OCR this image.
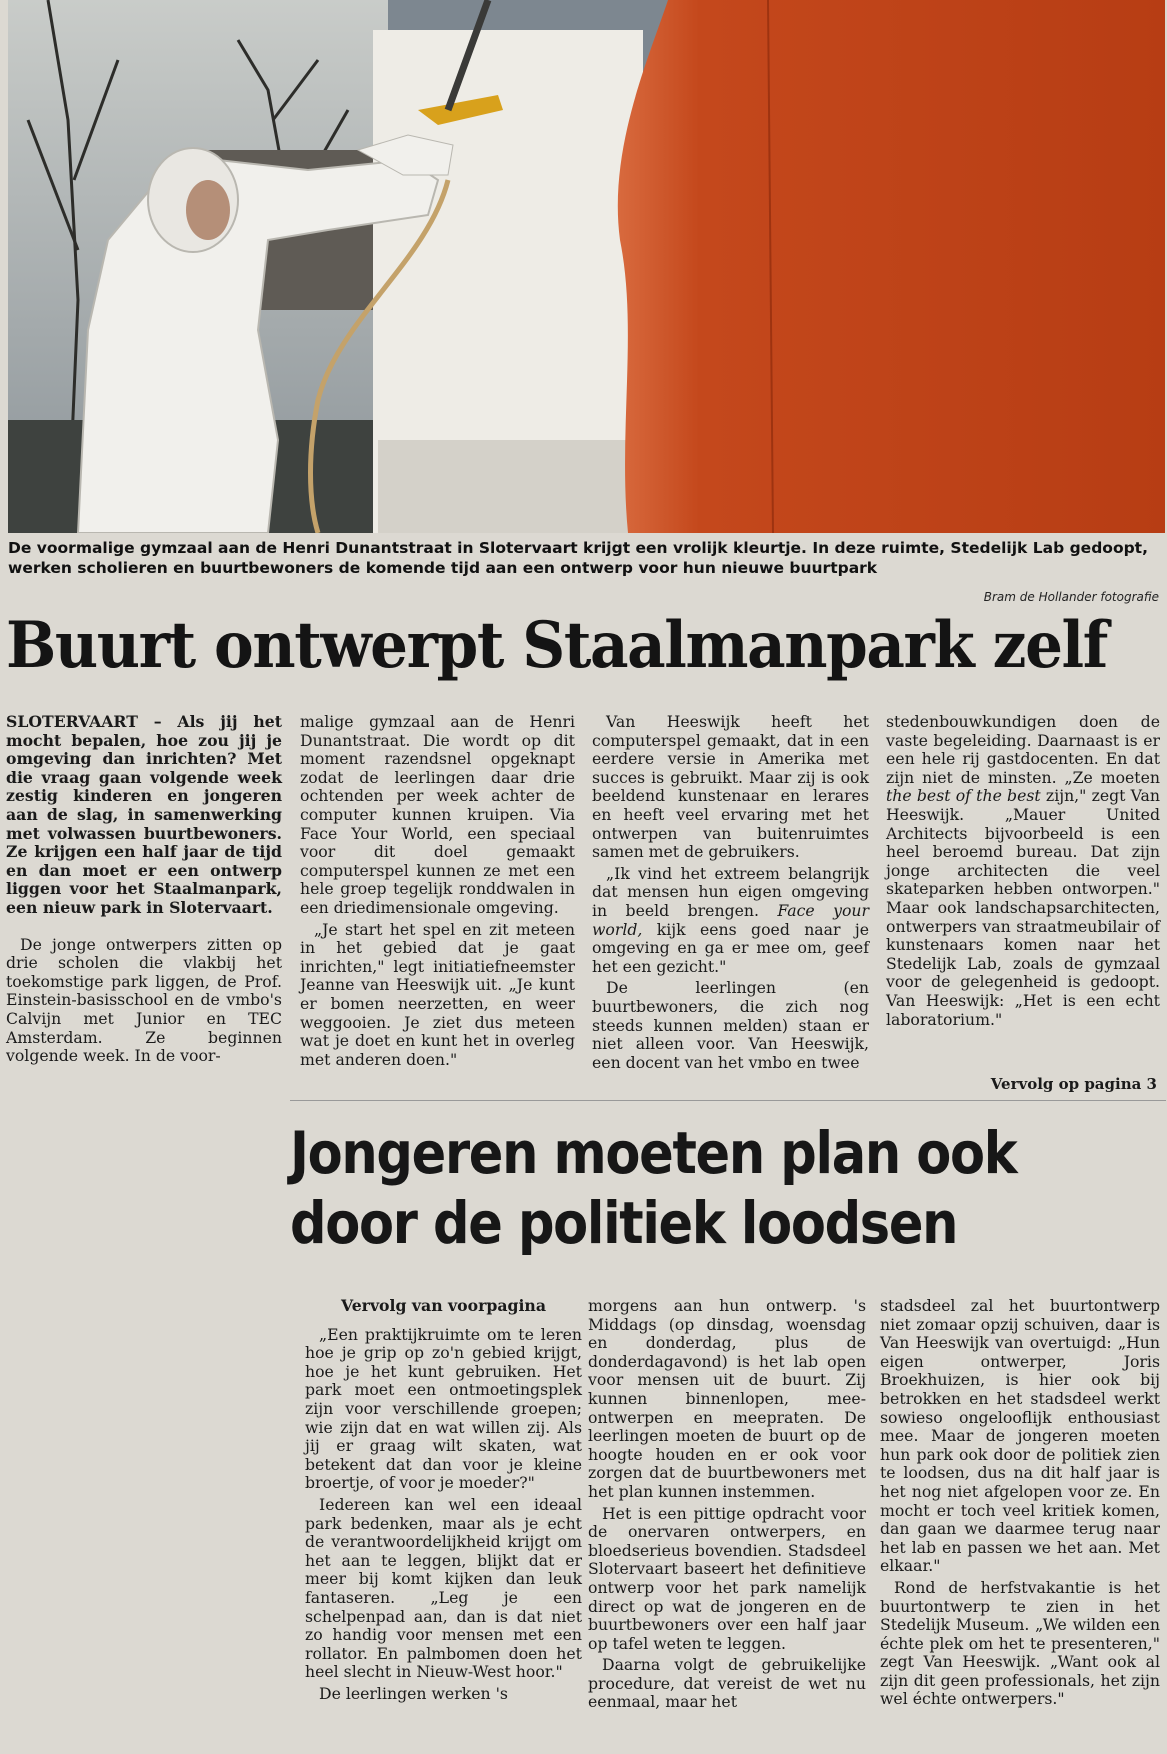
De voormalige gymzaal aan de Henri Dunantstraat in Slotervaart krijgt een vrolijk kleurtje. In deze ruimte, Stedelijk Lab gedoopt, werken scholieren en buurtbewoners de komende tijd aan een ontwerp voor hun nieuwe buurtpark
Bram de Hollander fotografie
Buurt ontwerpt Staalmanpark zelf

SLOTERVAART – Als jij het mocht bepalen, hoe zou jij je omgeving dan inrichten? Met die vraag gaan volgende week zestig kinderen en jongeren aan de slag, in samenwerking met volwassen buurtbewoners. Ze krijgen een half jaar de tijd en dan moet er een ontwerp liggen voor het Staalmanpark, een nieuw park in Slotervaart.

De jonge ontwerpers zitten op drie scholen die vlakbij het toekomstige park liggen, de Prof. Einstein-basisschool en de vmbo's Calvijn met Junior en TEC Amsterdam. Ze beginnen volgende week. In de voor-

malige gymzaal aan de Henri Dunantstraat. Die wordt op dit moment razendsnel opgeknapt zodat de leerlingen daar drie ochtenden per week achter de computer kunnen kruipen. Via Face Your World, een speciaal voor dit doel gemaakt computerspel kunnen ze met een hele groep tegelijk ronddwalen in een driedimensionale omgeving.

„Je start het spel en zit meteen in het gebied dat je gaat inrichten," legt initiatiefneemster Jeanne van Heeswijk uit. „Je kunt er bomen neerzetten, en weer weggooien. Je ziet dus meteen wat je doet en kunt het in overleg met anderen doen."

Van Heeswijk heeft het computerspel gemaakt, dat in een eerdere versie in Amerika met succes is gebruikt. Maar zij is ook beeldend kunstenaar en lerares en heeft veel ervaring met het ontwerpen van buitenruimtes samen met de gebruikers.

„Ik vind het extreem belangrijk dat mensen hun eigen omgeving in beeld brengen. Face your world, kijk eens goed naar je omgeving en ga er mee om, geef het een gezicht."

De leerlingen (en buurtbewoners, die zich nog steeds kunnen melden) staan er niet alleen voor. Van Heeswijk, een docent van het vmbo en twee

stedenbouwkundigen doen de vaste begeleiding. Daarnaast is er een hele rij gastdocenten. En dat zijn niet de minsten. „Ze moeten the best of the best zijn," zegt Van Heeswijk. „Mauer United Architects bijvoorbeeld is een heel beroemd bureau. Dat zijn jonge architecten die veel skateparken hebben ontworpen." Maar ook landschapsarchitecten, ontwerpers van straatmeubilair of kunstenaars komen naar het Stedelijk Lab, zoals de gymzaal voor de gelegenheid is gedoopt. Van Heeswijk: „Het is een echt laboratorium."

Vervolg op pagina 3
Jongeren moeten plan ook
door de politiek loodsen

Vervolg van voorpagina

„Een praktijkruimte om te leren hoe je grip op zo'n gebied krijgt, hoe je het kunt gebruiken. Het park moet een ontmoetingsplek zijn voor verschillende groepen; wie zijn dat en wat willen zij. Als jij er graag wilt skaten, wat betekent dat dan voor je kleine broertje, of voor je moeder?"

Iedereen kan wel een ideaal park bedenken, maar als je echt de verantwoordelijkheid krijgt om het aan te leggen, blijkt dat er meer bij komt kijken dan leuk fantaseren. „Leg je een schelpenpad aan, dan is dat niet zo handig voor mensen met een rollator. En palmbomen doen het heel slecht in Nieuw-West hoor."

De leerlingen werken 's

morgens aan hun ontwerp. 's Middags (op dinsdag, woensdag en donderdag, plus de donderdagavond) is het lab open voor mensen uit de buurt. Zij kunnen binnenlopen, mee-ontwerpen en meepraten. De leerlingen moeten de buurt op de hoogte houden en er ook voor zorgen dat de buurtbewoners met het plan kunnen instemmen.

Het is een pittige opdracht voor de onervaren ontwerpers, en bloedserieus bovendien. Stadsdeel Slotervaart baseert het definitieve ontwerp voor het park namelijk direct op wat de jongeren en de buurtbewoners over een half jaar op tafel weten te leggen.

Daarna volgt de gebruikelijke procedure, dat vereist de wet nu eenmaal, maar het

stadsdeel zal het buurtontwerp niet zomaar opzij schuiven, daar is Van Heeswijk van overtuigd: „Hun eigen ontwerper, Joris Broekhuizen, is hier ook bij betrokken en het stadsdeel werkt sowieso ongelooflijk enthousiast mee. Maar de jongeren moeten hun park ook door de politiek zien te loodsen, dus na dit half jaar is het nog niet afgelopen voor ze. En mocht er toch veel kritiek komen, dan gaan we daarmee terug naar het lab en passen we het aan. Met elkaar."

Rond de herfstvakantie is het buurtontwerp te zien in het Stedelijk Museum. „We wilden een échte plek om het te presenteren," zegt Van Heeswijk. „Want ook al zijn dit geen professionals, het zijn wel échte ontwerpers."
